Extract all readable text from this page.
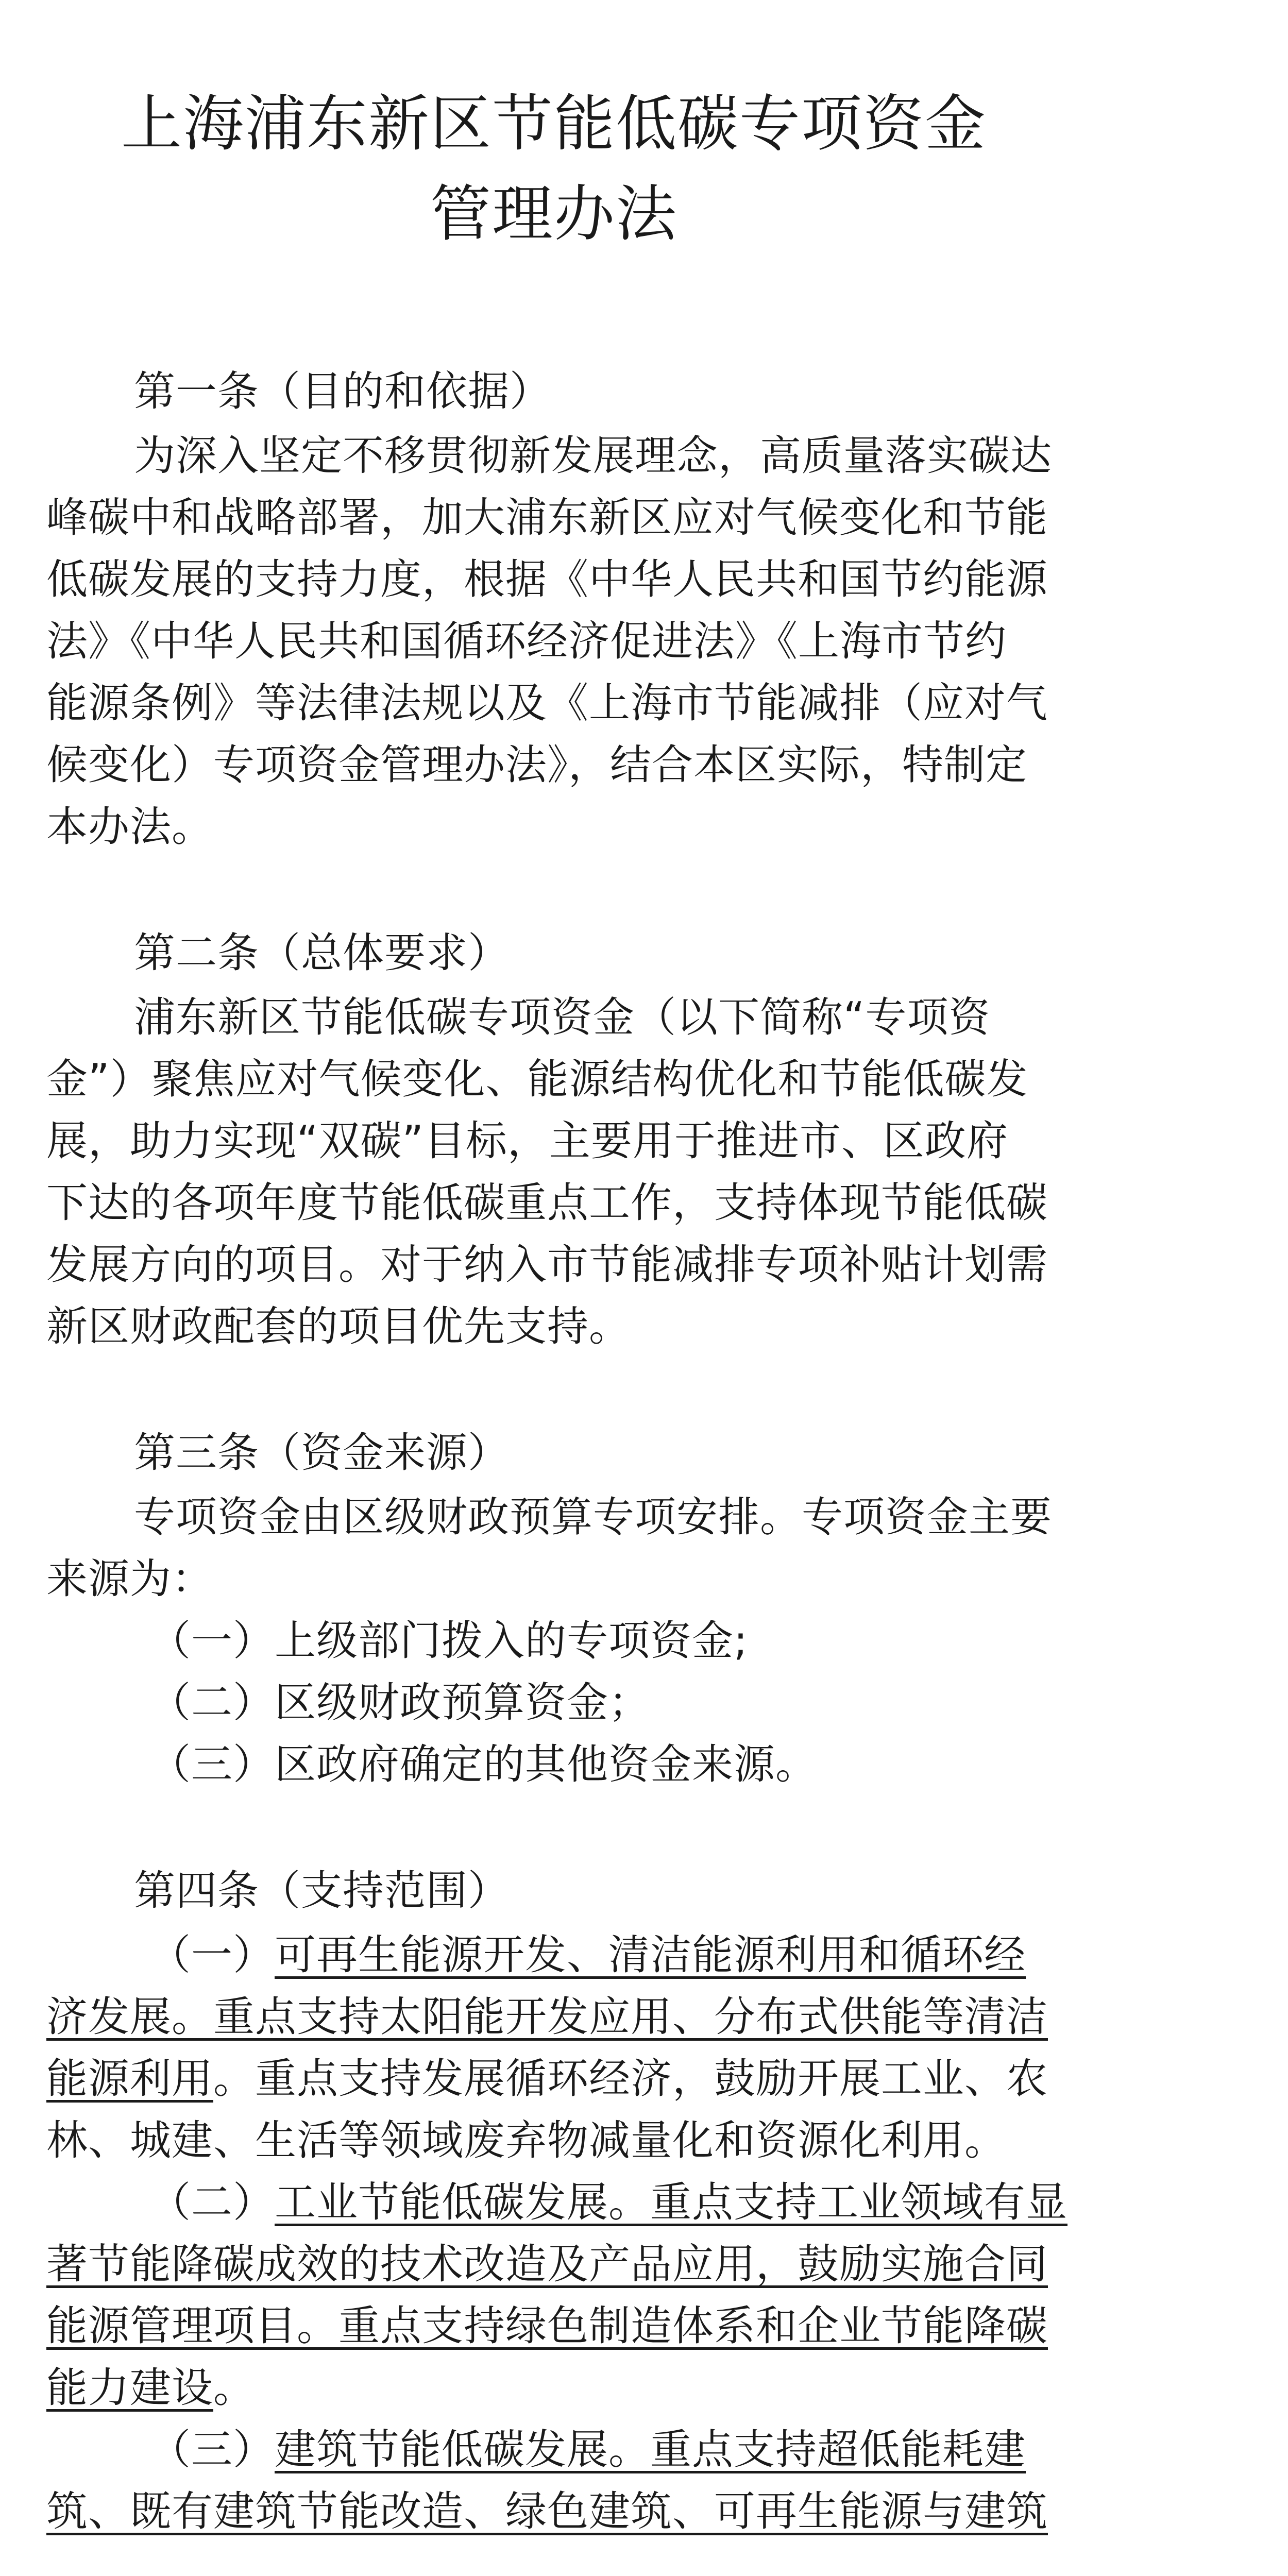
上海浦东新区节能低碳专项资金
管理办法
第一条（目的和依据）
为深入坚定不移贯彻新发展理念，高质量落实碳达
峰碳中和战略部署，加大浦东新区应对气候变化和节能
低碳发展的支持力度，根据《中华人民共和国节约能源
法》《中华人民共和国循环经济促进法》《上海市节约
能源条例》等法律法规以及《上海市节能减排（应对气
候变化）专项资金管理办法》，结合本区实际，特制定
本办法。
第二条（总体要求）
浦东新区节能低碳专项资金（以下简称“专项资
金”）聚焦应对气候变化、能源结构优化和节能低碳发
展，助力实现“双碳”目标，主要用于推进市、区政府
下达的各项年度节能低碳重点工作，支持体现节能低碳
发展方向的项目。对于纳入市节能减排专项补贴计划需
新区财政配套的项目优先支持。
第三条（资金来源）
专项资金由区级财政预算专项安排。专项资金主要
来源为：
（一）上级部门拨入的专项资金;
（二）区级财政预算资金；
（三）区政府确定的其他资金来源。
第四条（支持范围）
（一）可再生能源开发、清洁能源利用和循环经
济发展。重点支持太阳能开发应用、分布式供能等清洁
能源利用。重点支持发展循环经济，鼓励开展工业、农
林、城建、生活等领域废弃物减量化和资源化利用。
（二）工业节能低碳发展。重点支持工业领域有显
著节能降碳成效的技术改造及产品应用，鼓励实施合同
能源管理项目。重点支持绿色制造体系和企业节能降碳
能力建设。
（三）建筑节能低碳发展。重点支持超低能耗建
筑、既有建筑节能改造、绿色建筑、可再生能源与建筑
